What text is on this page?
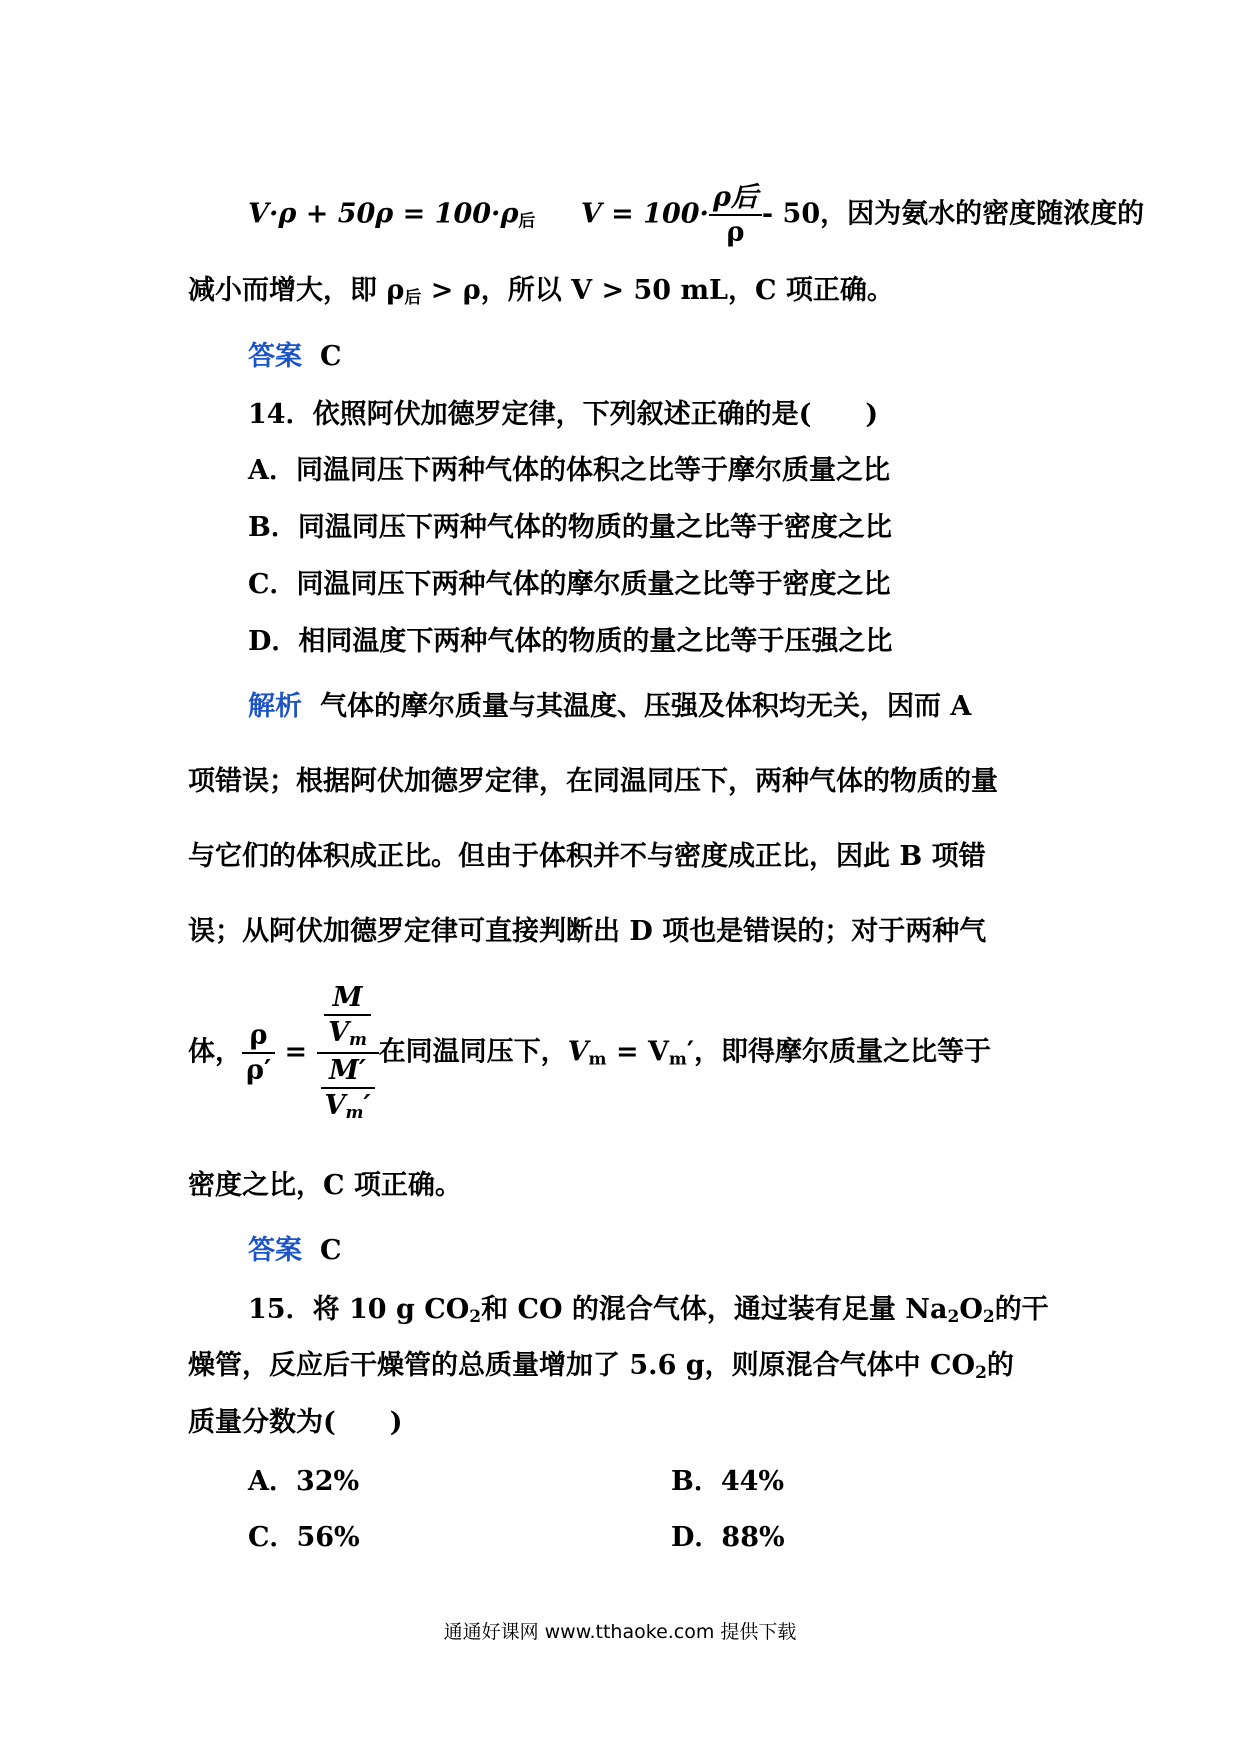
$V\cdot\rho + 50\rho = 100\cdot\rho_后$ $V = 100\cdot \frac{\text{ρ后}}{\rho} - 50$，因为氨水的密度随浓度的
减小而增大，即 $\rho_后 > \rho$，所以 V > 50 mL，C 项正确。
答案 C
14．依照阿伏加德罗定律，下列叙述正确的是(　　)
A．同温同压下两种气体的体积之比等于摩尔质量之比
B．同温同压下两种气体的物质的量之比等于密度之比
C．同温同压下两种气体的摩尔质量之比等于密度之比
D．相同温度下两种气体的物质的量之比等于压强之比
解析 气体的摩尔质量与其温度、压强及体积均无关，因而 A
项错误；根据阿伏加德罗定律，在同温同压下，两种气体的物质的量
与它们的体积成正比。但由于体积并不与密度成正比，因此 B 项错
误；从阿伏加德罗定律可直接判断出 D 项也是错误的；对于两种气
体， $\frac{\rho}{\rho'} = \frac{\frac{M}{V_m}}{\frac{M'}{V_m'}}$ 在同温同压下，$V_m = V_m'$，即得摩尔质量之比等于
密度之比，C 项正确。
答案 C
15．将 10 g $CO_2$和 CO 的混合气体，通过装有足量 $Na_2O_2$的干
燥管，反应后干燥管的总质量增加了 5.6 g，则原混合气体中 $CO_2$的
质量分数为(　　)
A．32%	B．44%
C．56%	D．88%
通通好课网 www.tthaoke.com 提供下载
